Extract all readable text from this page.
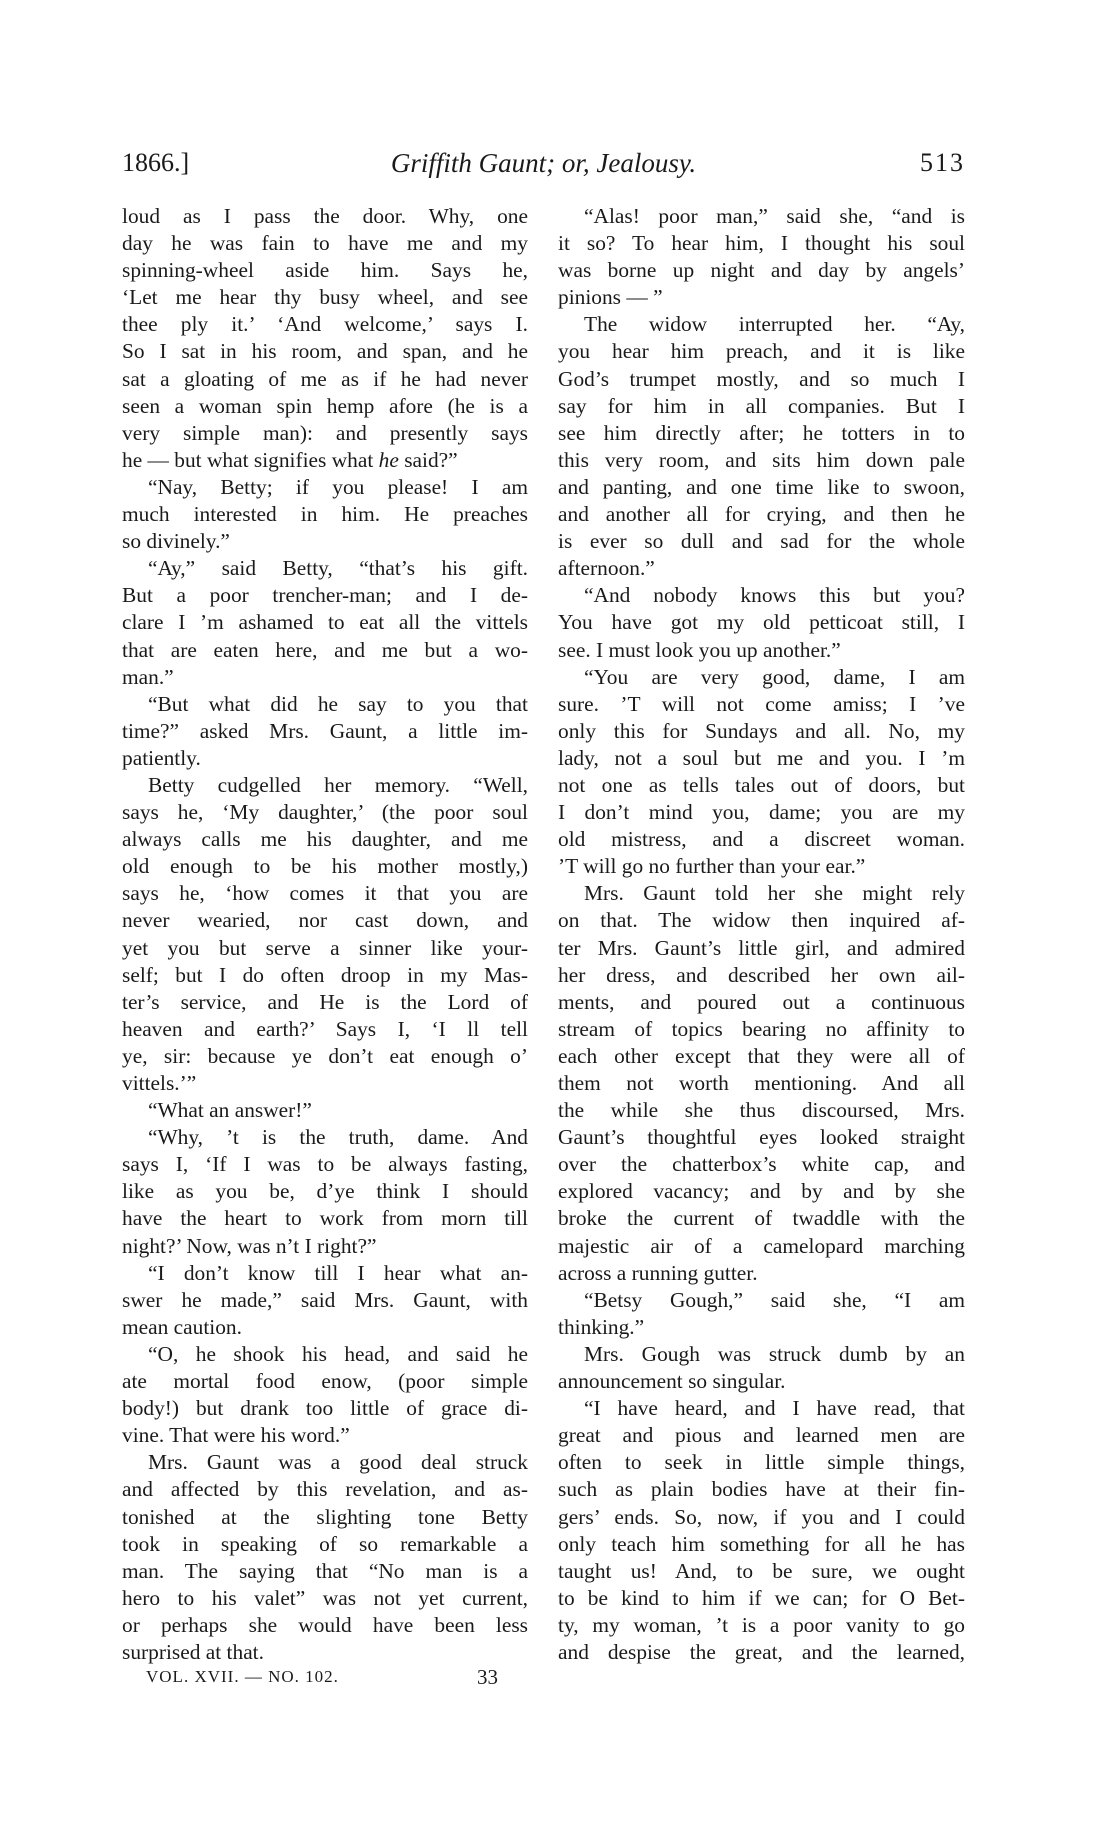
1866.]	Griffith Gaunt; or, Jealousy.	513
loud as I pass the door. Why, one
day he was fain to have me and my
spinning-wheel aside him. Says he,
‘Let me hear thy busy wheel, and see
thee ply it.’ ‘And welcome,’ says I.
So I sat in his room, and span, and he
sat a gloating of me as if he had never
seen a woman spin hemp afore (he is a
very simple man): and presently says
he — but what signifies what he said?”
“Nay, Betty; if you please! I am
much interested in him. He preaches
so divinely.”
“Ay,” said Betty, “that’s his gift.
But a poor trencher-man; and I de-
clare I ’m ashamed to eat all the vittels
that are eaten here, and me but a wo-
man.”
“But what did he say to you that
time?” asked Mrs. Gaunt, a little im-
patiently.
Betty cudgelled her memory. “Well,
says he, ‘My daughter,’ (the poor soul
always calls me his daughter, and me
old enough to be his mother mostly,)
says he, ‘how comes it that you are
never wearied, nor cast down, and
yet you but serve a sinner like your-
self; but I do often droop in my Mas-
ter’s service, and He is the Lord of
heaven and earth?’ Says I, ‘I ll tell
ye, sir: because ye don’t eat enough o’
vittels.’”
“What an answer!”
“Why, ’t is the truth, dame. And
says I, ‘If I was to be always fasting,
like as you be, d’ye think I should
have the heart to work from morn till
night?’ Now, was n’t I right?”
“I don’t know till I hear what an-
swer he made,” said Mrs. Gaunt, with
mean caution.
“O, he shook his head, and said he
ate mortal food enow, (poor simple
body!) but drank too little of grace di-
vine. That were his word.”
Mrs. Gaunt was a good deal struck
and affected by this revelation, and as-
tonished at the slighting tone Betty
took in speaking of so remarkable a
man. The saying that “No man is a
hero to his valet” was not yet current,
or perhaps she would have been less
surprised at that.
“Alas! poor man,” said she, “and is
it so? To hear him, I thought his soul
was borne up night and day by angels’
pinions — ”
The widow interrupted her. “Ay,
you hear him preach, and it is like
God’s trumpet mostly, and so much I
say for him in all companies. But I
see him directly after; he totters in to
this very room, and sits him down pale
and panting, and one time like to swoon,
and another all for crying, and then he
is ever so dull and sad for the whole
afternoon.”
“And nobody knows this but you?
You have got my old petticoat still, I
see. I must look you up another.”
“You are very good, dame, I am
sure. ’T will not come amiss; I ’ve
only this for Sundays and all. No, my
lady, not a soul but me and you. I ’m
not one as tells tales out of doors, but
I don’t mind you, dame; you are my
old mistress, and a discreet woman.
’T will go no further than your ear.”
Mrs. Gaunt told her she might rely
on that. The widow then inquired af-
ter Mrs. Gaunt’s little girl, and admired
her dress, and described her own ail-
ments, and poured out a continuous
stream of topics bearing no affinity to
each other except that they were all of
them not worth mentioning. And all
the while she thus discoursed, Mrs.
Gaunt’s thoughtful eyes looked straight
over the chatterbox’s white cap, and
explored vacancy; and by and by she
broke the current of twaddle with the
majestic air of a camelopard marching
across a running gutter.
“Betsy Gough,” said she, “I am
thinking.”
Mrs. Gough was struck dumb by an
announcement so singular.
“I have heard, and I have read, that
great and pious and learned men are
often to seek in little simple things,
such as plain bodies have at their fin-
gers’ ends. So, now, if you and I could
only teach him something for all he has
taught us! And, to be sure, we ought
to be kind to him if we can; for O Bet-
ty, my woman, ’t is a poor vanity to go
and despise the great, and the learned,
VOL. XVII. — NO. 102.	33
